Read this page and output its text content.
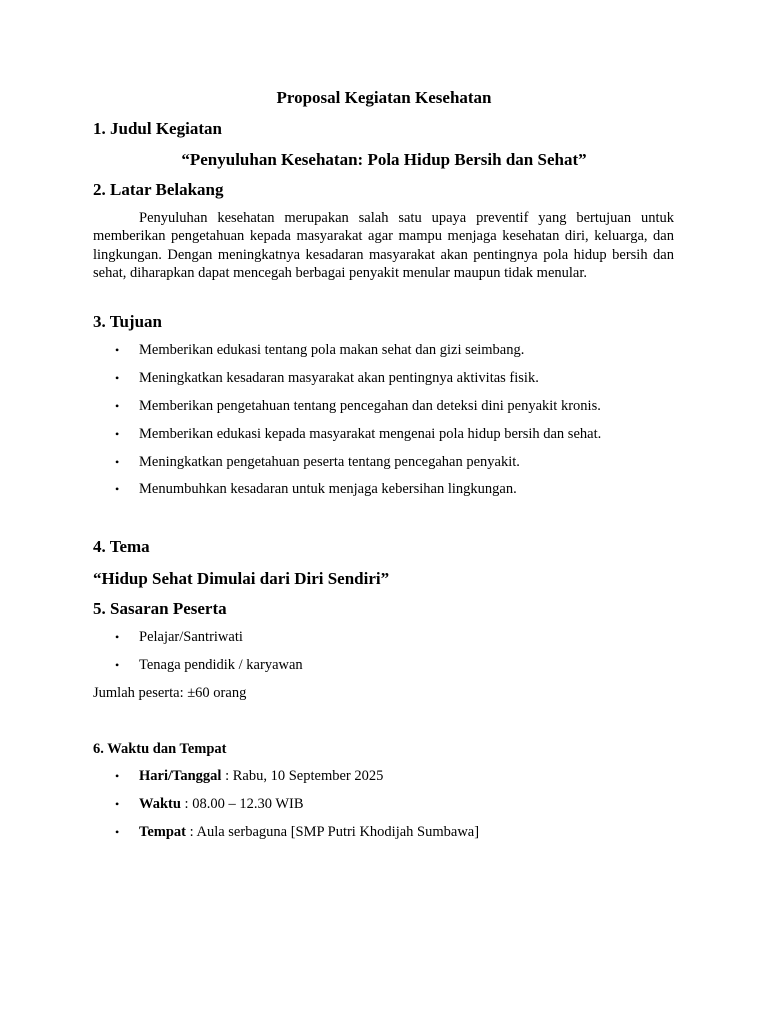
Proposal Kegiatan Kesehatan
1. Judul Kegiatan

“Penyuluhan Kesehatan: Pola Hidup Bersih dan Sehat”

2. Latar Belakang

Penyuluhan kesehatan merupakan salah satu upaya preventif yang bertujuan untuk memberikan pengetahuan kepada masyarakat agar mampu menjaga kesehatan diri, keluarga, dan lingkungan. Dengan meningkatnya kesadaran masyarakat akan pentingnya pola hidup bersih dan sehat, diharapkan dapat mencegah berbagai penyakit menular maupun tidak menular.

3. Tujuan
• Memberikan edukasi tentang pola makan sehat dan gizi seimbang.
• Meningkatkan kesadaran masyarakat akan pentingnya aktivitas fisik.
• Memberikan pengetahuan tentang pencegahan dan deteksi dini penyakit kronis.
• Memberikan edukasi kepada masyarakat mengenai pola hidup bersih dan sehat.
• Meningkatkan pengetahuan peserta tentang pencegahan penyakit.
• Menumbuhkan kesadaran untuk menjaga kebersihan lingkungan.
4. Tema

“Hidup Sehat Dimulai dari Diri Sendiri”

5. Sasaran Peserta
• Pelajar/Santriwati
• Tenaga pendidik / karyawan

Jumlah peserta: ±60 orang

6. Waktu dan Tempat
• Hari/Tanggal : Rabu, 10 September 2025
• Waktu : 08.00 – 12.30 WIB
• Tempat : Aula serbaguna [SMP Putri Khodijah Sumbawa]
